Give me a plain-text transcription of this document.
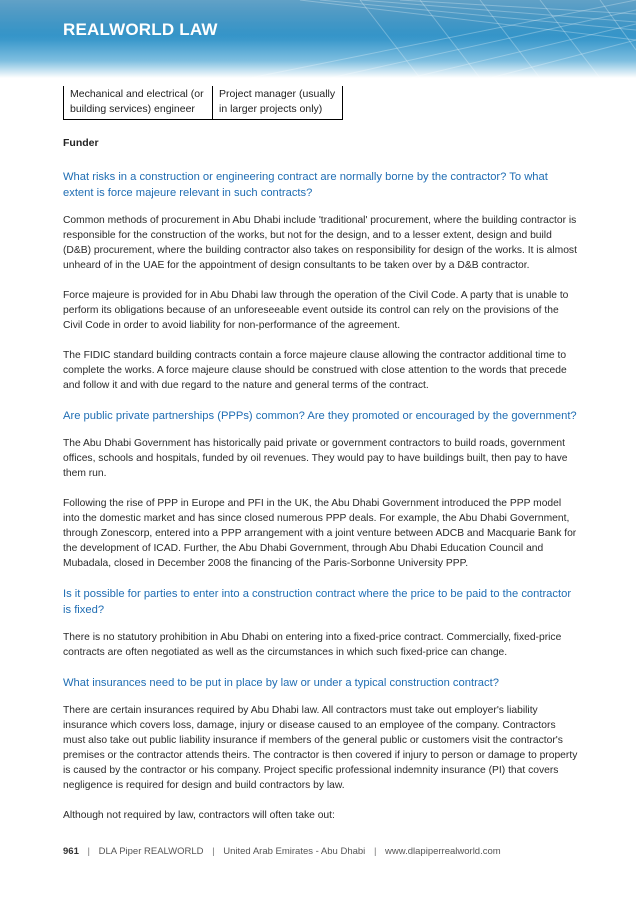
REALWORLD LAW
Mechanical and electrical (or building services) engineer	Project manager (usually in larger projects only)
Funder
What risks in a construction or engineering contract are normally borne by the contractor? To what extent is force majeure relevant in such contracts?
Common methods of procurement in Abu Dhabi include 'traditional' procurement, where the building contractor is responsible for the construction of the works, but not for the design, and to a lesser extent, design and build (D&B) procurement, where the building contractor also takes on responsibility for design of the works. It is almost unheard of in the UAE for the appointment of design consultants to be taken over by a D&B contractor.
Force majeure is provided for in Abu Dhabi law through the operation of the Civil Code. A party that is unable to perform its obligations because of an unforeseeable event outside its control can rely on the provisions of the Civil Code in order to avoid liability for non-performance of the agreement.
The FIDIC standard building contracts contain a force majeure clause allowing the contractor additional time to complete the works. A force majeure clause should be construed with close attention to the words that precede and follow it and with due regard to the nature and general terms of the contract.
Are public private partnerships (PPPs) common? Are they promoted or encouraged by the government?
The Abu Dhabi Government has historically paid private or government contractors to build roads, government offices, schools and hospitals, funded by oil revenues. They would pay to have buildings built, then pay to have them run.
Following the rise of PPP in Europe and PFI in the UK, the Abu Dhabi Government introduced the PPP model into the domestic market and has since closed numerous PPP deals. For example, the Abu Dhabi Government, through Zonescorp, entered into a PPP arrangement with a joint venture between ADCB and Macquarie Bank for the development of ICAD. Further, the Abu Dhabi Government, through Abu Dhabi Education Council and Mubadala, closed in December 2008 the financing of the Paris-Sorbonne University PPP.
Is it possible for parties to enter into a construction contract where the price to be paid to the contractor is fixed?
There is no statutory prohibition in Abu Dhabi on entering into a fixed-price contract. Commercially, fixed-price contracts are often negotiated as well as the circumstances in which such fixed-price can change.
What insurances need to be put in place by law or under a typical construction contract?
There are certain insurances required by Abu Dhabi law. All contractors must take out employer's liability insurance which covers loss, damage, injury or disease caused to an employee of the company. Contractors must also take out public liability insurance if members of the general public or customers visit the contractor's premises or the contractor attends theirs. The contractor is then covered if injury to person or damage to property is caused by the contractor or his company. Project specific professional indemnity insurance (PI) that covers negligence is required for design and build contractors by law.
Although not required by law, contractors will often take out:
961 | DLA Piper REALWORLD | United Arab Emirates - Abu Dhabi | www.dlapiperrealworld.com
